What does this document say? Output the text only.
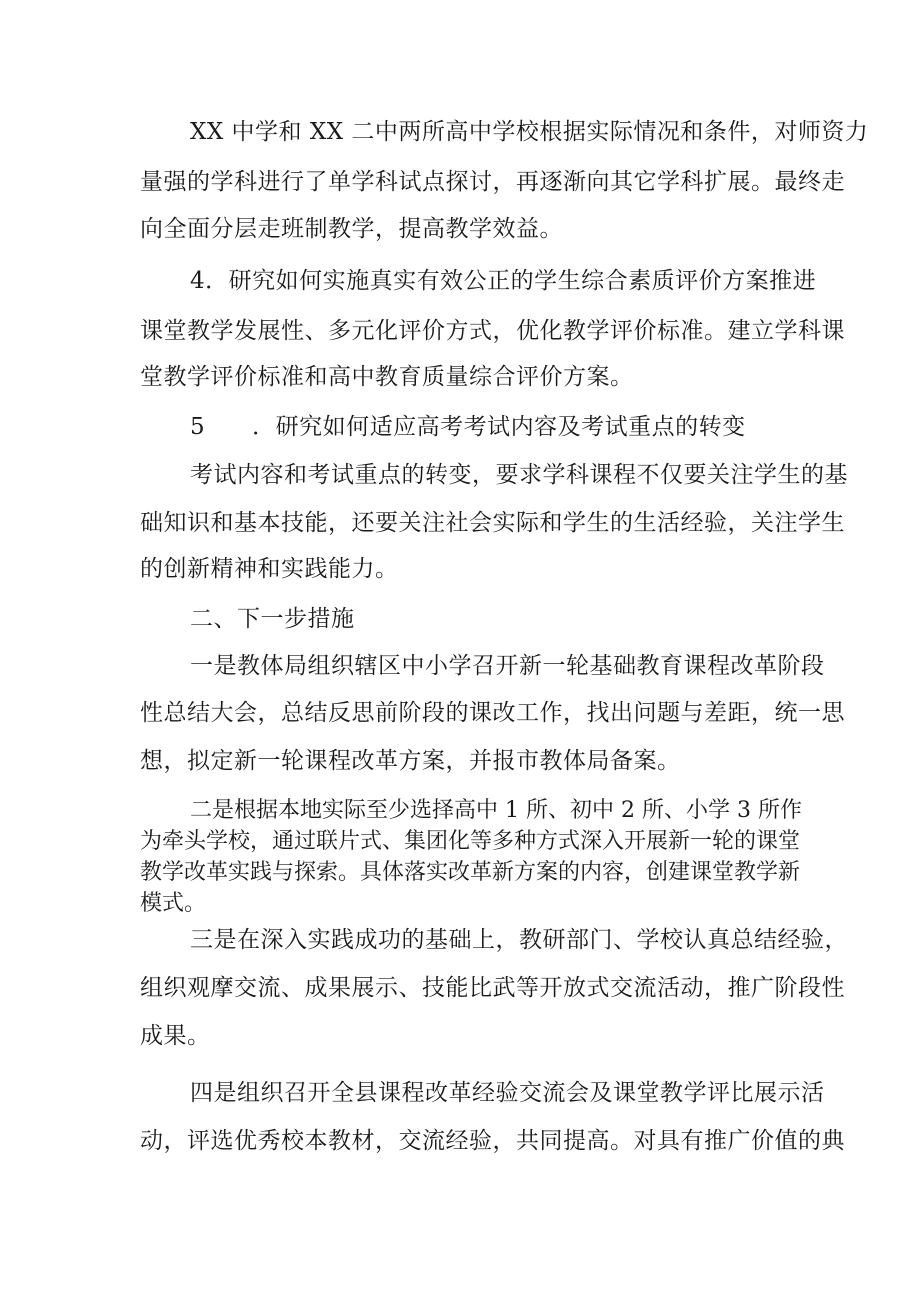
XX 中学和 XX 二中两所高中学校根据实际情况和条件，对师资力
量强的学科进行了单学科试点探讨，再逐渐向其它学科扩展。最终走
向全面分层走班制教学，提高教学效益。
4．研究如何实施真实有效公正的学生综合素质评价方案推进
课堂教学发展性、多元化评价方式，优化教学评价标准。建立学科课
堂教学评价标准和高中教育质量综合评价方案。
5　　．研究如何适应高考考试内容及考试重点的转变
考试内容和考试重点的转变，要求学科课程不仅要关注学生的基
础知识和基本技能，还要关注社会实际和学生的生活经验，关注学生
的创新精神和实践能力。
二、下一步措施
一是教体局组织辖区中小学召开新一轮基础教育课程改革阶段
性总结大会，总结反思前阶段的课改工作，找出问题与差距，统一思
想，拟定新一轮课程改革方案，并报市教体局备案。
二是根据本地实际至少选择高中 1 所、初中 2 所、小学 3 所作
为牵头学校，通过联片式、集团化等多种方式深入开展新一轮的课堂
教学改革实践与探索。具体落实改革新方案的内容，创建课堂教学新
模式。
三是在深入实践成功的基础上，教研部门、学校认真总结经验，
组织观摩交流、成果展示、技能比武等开放式交流活动，推广阶段性
成果。
四是组织召开全县课程改革经验交流会及课堂教学评比展示活
动，评选优秀校本教材，交流经验，共同提高。对具有推广价值的典
